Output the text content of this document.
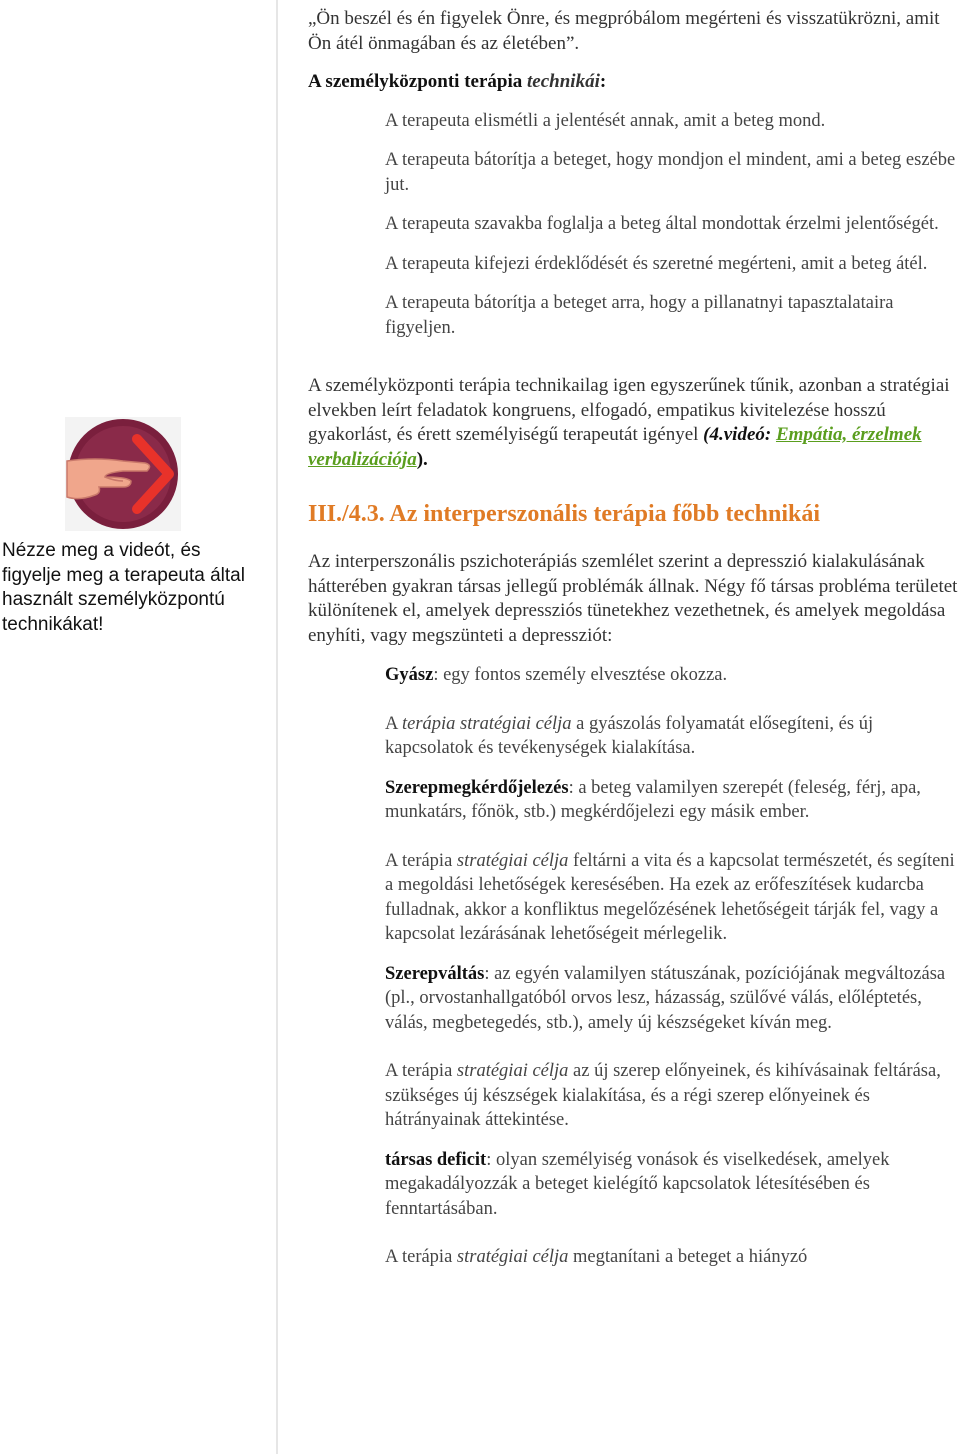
Nézze meg a videót, és figyelje meg a terapeuta által használt személyközpontú technikákat!

„Ön beszél és én figyelek Önre, és megpróbálom megérteni és visszatükrözni, amit Ön átél önmagában és az életében”.

A személyközponti terápia technikái:

A terapeuta elismétli a jelentését annak, amit a beteg mond.

A terapeuta bátorítja a beteget, hogy mondjon el mindent, ami a beteg eszébe jut.

A terapeuta szavakba foglalja a beteg által mondottak érzelmi jelentőségét.

A terapeuta kifejezi érdeklődését és szeretné megérteni, amit a beteg átél.

A terapeuta bátorítja a beteget arra, hogy a pillanatnyi tapasztalataira figyeljen.

A személyközponti terápia technikailag igen egyszerűnek tűnik, azonban a stratégiai elvekben leírt feladatok kongruens, elfogadó, empatikus kivitelezése hosszú gyakorlást, és érett személyiségű terapeutát igényel (4.videó: Empátia, érzelmek verbalizációja).

III./4.3. Az interperszonális terápia főbb technikái

Az interperszonális pszichoterápiás szemlélet szerint a depresszió kialakulásának hátterében gyakran társas jellegű problémák állnak. Négy fő társas probléma területet különítenek el, amelyek depressziós tünetekhez vezethetnek, és amelyek megoldása enyhíti, vagy megszünteti a depressziót:

Gyász: egy fontos személy elvesztése okozza.

A terápia stratégiai célja a gyászolás folyamatát elősegíteni, és új kapcsolatok és tevékenységek kialakítása.

Szerepmegkérdőjelezés: a beteg valamilyen szerepét (feleség, férj, apa, munkatárs, főnök, stb.) megkérdőjelezi egy másik ember.

A terápia stratégiai célja feltárni a vita és a kapcsolat természetét, és segíteni a megoldási lehetőségek keresésében. Ha ezek az erőfeszítések kudarcba fulladnak, akkor a konfliktus megelőzésének lehetőségeit tárják fel, vagy a kapcsolat lezárásának lehetőségeit mérlegelik.

Szerepváltás: az egyén valamilyen státuszának, pozíciójának megváltozása (pl., orvostanhallgatóból orvos lesz, házasság, szülővé válás, előléptetés, válás, megbetegedés, stb.), amely új készségeket kíván meg.

A terápia stratégiai célja az új szerep előnyeinek, és kihívásainak feltárása, szükséges új készségek kialakítása, és a régi szerep előnyeinek és hátrányainak áttekintése.

társas deficit: olyan személyiség vonások és viselkedések, amelyek megakadályozzák a beteget kielégítő kapcsolatok létesítésében és fenntartásában.

A terápia stratégiai célja megtanítani a beteget a hiányzó
